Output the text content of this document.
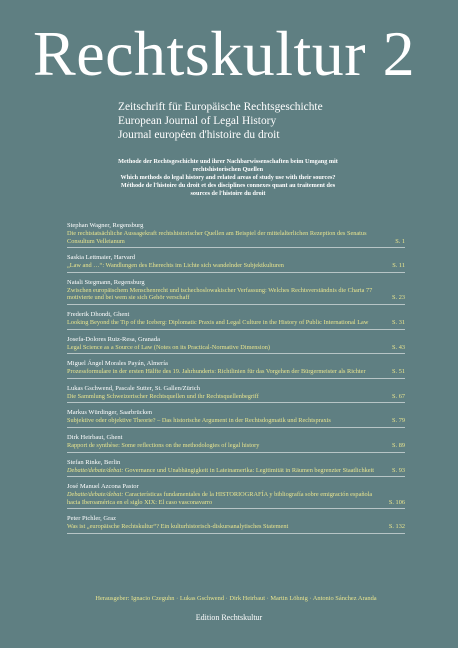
Rechtskultur 2
Zeitschrift für Europäische Rechtsgeschichte
European Journal of Legal History
Journal européen d'histoire du droit
Methode der Rechtsgeschichte und ihrer Nachbarwissenschaften beim Umgang mit rechtshistorischen Quellen
Which methods do legal history and related areas of study use with their sources?
Méthode de l'histoire du droit et des disciplines connexes quant au traitement des sources de l'histoire du droit
Stephan Wagner, Regensburg
Die rechtstatsächliche Aussagekraft rechtshistorischer Quellen am Beispiel der mittelalterlichen Rezeption des Senatus Consultum Velleianum	S. 1
Saskia Lettmaier, Harvard
„Law and …“: Wandlungen des Eherechts im Lichte sich wandelnder Subjektkulturen	S. 11
Natali Stegmann, Regensburg
Zwischen europäischem Menschenrecht und tschechoslowakischer Verfassung: Welches Rechtsverständnis die Charta 77 motivierte und bei wem sie sich Gehör verschaff	S. 23
Frederik Dhondt, Ghent
Looking Beyond the Tip of the Iceberg: Diplomatic Praxis and Legal Culture in the History of Public International Law	S. 31
Josefa-Dolores Ruiz-Resa, Granada
Legal Science as a Source of Law (Notes on its Practical-Normative Dimension)	S. 43
Miguel Ángel Morales Payán, Almería
Prozessformulare in der ersten Hälfte des 19. Jahrhunderts: Richtlinien für das Vorgehen der Bürgermeister als Richter	S. 51
Lukas Gschwend, Pascale Sutter, St. Gallen/Zürich
Die Sammlung Schweizerischer Rechtsquellen und ihr Rechtsquellenbegriff	S. 67
Markus Würdinger, Saarbrücken
Subjektive oder objektive Theorie? – Das historische Argument in der Rechtsdogmatik und Rechtspraxis	S. 79
Dirk Heirbaut, Ghent
Rapport de synthèse: Some reflections on the methodologies of legal history	S. 89
Stefan Rinke, Berlin
Debatte/debate/debat: Governance und Unabhängigkeit in Lateinamerika: Legitimität in Räumen begrenzter Staatlichkeit	S. 93
José Manuel Azcona Pastor
Debatte/debate/debat: Características fundamentales de la HISTORIOGRAFÍA y bibliografía sobre emigración española hacia Iberoamérica en el siglo XIX: El caso vasconavarro	S. 106
Peter Pichler, Graz
Was ist „europäische Rechtskultur“? Ein kulturhistorisch-diskursanalytisches Statement	S. 132
Herausgeber: Ignacio Czeguhn · Lukas Gschwend · Dirk Heirbaut · Martin Löhnig · Antonio Sánchez Aranda
Edition Rechtskultur
